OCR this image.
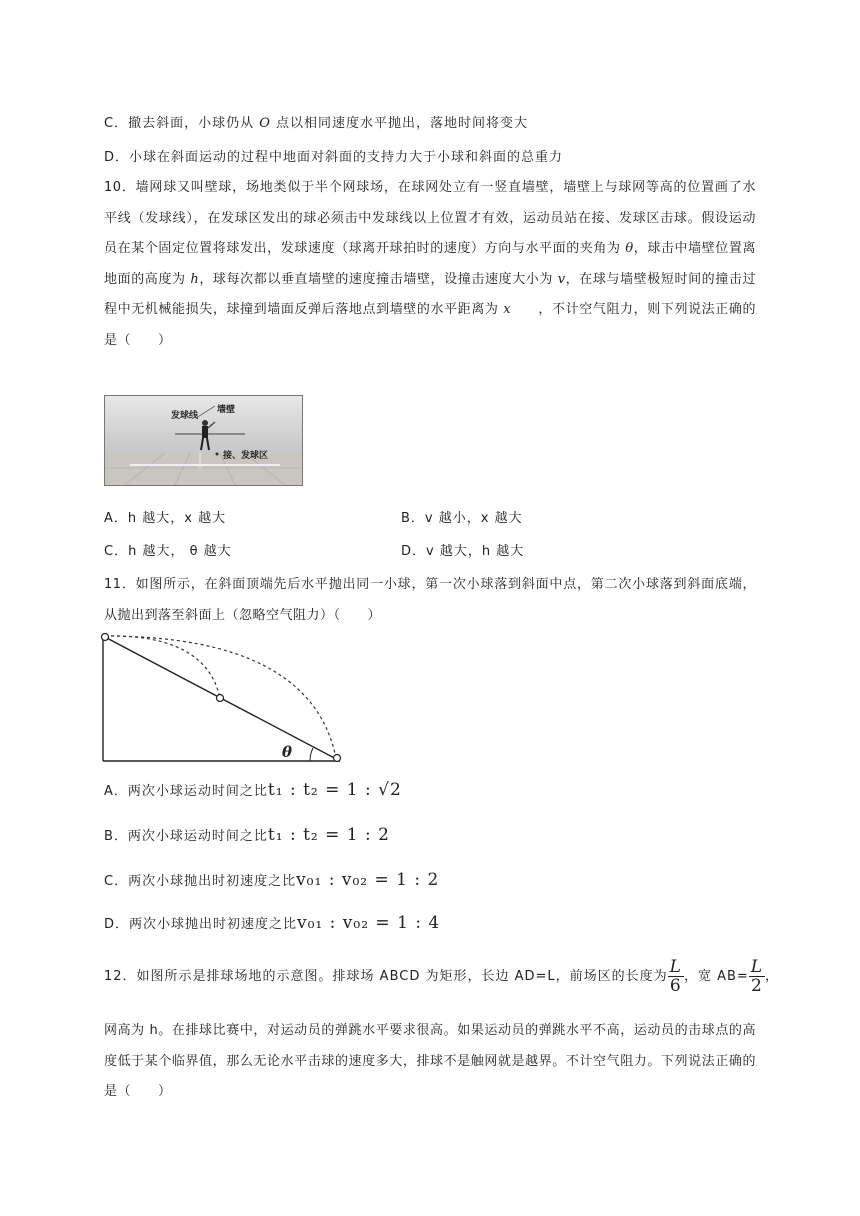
C．撤去斜面，小球仍从 O 点以相同速度水平抛出，落地时间将变大
D．小球在斜面运动的过程中地面对斜面的支持力大于小球和斜面的总重力
10．墙网球又叫壁球，场地类似于半个网球场，在球网处立有一竖直墙壁，墙壁上与球网等高的位置画了水平线（发球线），在发球区发出的球必须击中发球线以上位置才有效，运动员站在接、发球区击球。假设运动员在某个固定位置将球发出，发球速度（球离开球拍时的速度）方向与水平面的夹角为 θ，球击中墙壁位置离地面的高度为 h，球每次都以垂直墙壁的速度撞击墙壁，设撞击速度大小为 v，在球与墙壁极短时间的撞击过程中无机械能损失，球撞到墙面反弹后落地点到墙壁的水平距离为 x　　，不计空气阻力，则下列说法正确的是（　　）
发球线
墙壁
接、发球区
A．h 越大，x 越大	B．v 越小，x 越大
C．h 越大， θ 越大	D．v 越大，h 越大
11．如图所示，在斜面顶端先后水平抛出同一小球，第一次小球落到斜面中点，第二次小球落到斜面底端，从抛出到落至斜面上（忽略空气阻力）（　　）
θ
A．两次小球运动时间之比t₁ : t₂ = 1 : √2
B．两次小球运动时间之比t₁ : t₂ = 1 : 2
C．两次小球抛出时初速度之比v₀₁ : v₀₂ = 1 : 2
D．两次小球抛出时初速度之比v₀₁ : v₀₂ = 1 : 4
12．如图所示是排球场地的示意图。排球场 ABCD 为矩形，长边 AD=L，前场区的长度为 $\frac{L}{6}$ ，宽 $AB= \frac{L}{2}$ ，
网高为 h。在排球比赛中，对运动员的弹跳水平要求很高。如果运动员的弹跳水平不高，运动员的击球点的高度低于某个临界值，那么无论水平击球的速度多大，排球不是触网就是越界。不计空气阻力。下列说法正确的是（　　）
